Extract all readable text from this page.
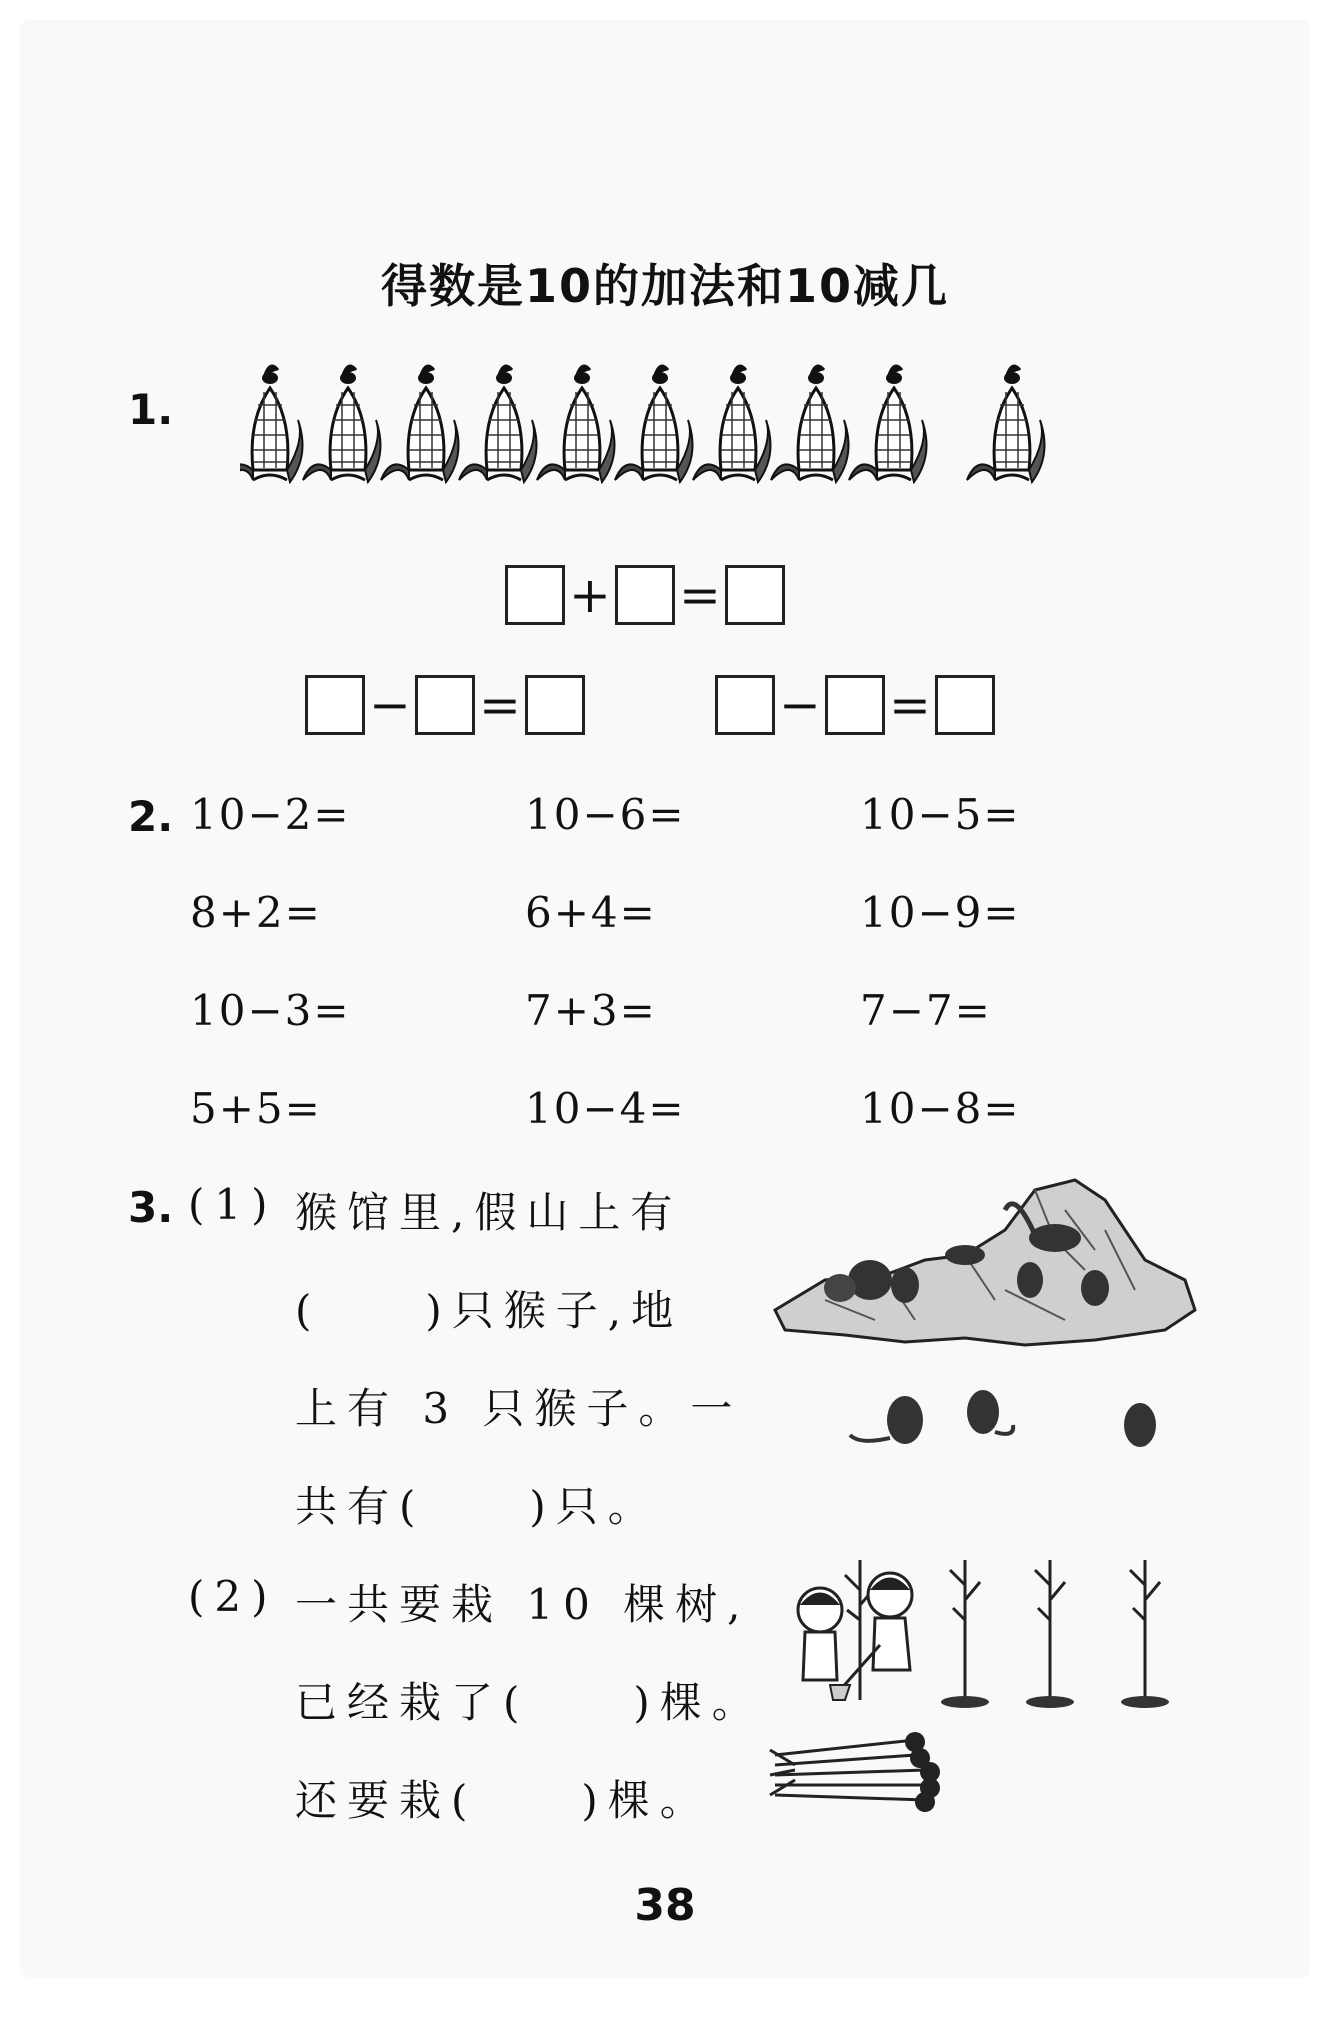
得数是10的加法和10减几
1.
+ =
− =	− =
2. 10−2=	10−6=	10−5=
8+2=	6+4=	10−9=
10−3=	7+3=	7−7=
5+5=	10−4=	10−8=
3. (1) 猴馆里,假山上有
(　　)只猴子,地
上有 3 只猴子。一
共有(　　)只。
(2) 一共要栽 10 棵树,
已经栽了(　　)棵。
还要栽(　　)棵。
38
